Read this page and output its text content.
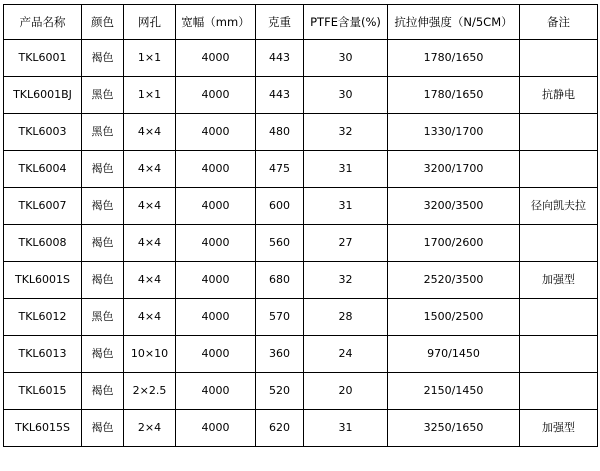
产品名称	颜色	网孔	宽幅（mm）	克重	PTFE含量(%)	抗拉伸强度（N/5CM）	备注
TKL6001	褐色	1×1	4000	443	30	1780/1650	
TKL6001BJ	黑色	1×1	4000	443	30	1780/1650	抗静电
TKL6003	黑色	4×4	4000	480	32	1330/1700	
TKL6004	褐色	4×4	4000	475	31	3200/1700	
TKL6007	褐色	4×4	4000	600	31	3200/3500	径向凯夫拉
TKL6008	褐色	4×4	4000	560	27	1700/2600	
TKL6001S	褐色	4×4	4000	680	32	2520/3500	加强型
TKL6012	黑色	4×4	4000	570	28	1500/2500	
TKL6013	褐色	10×10	4000	360	24	970/1450	
TKL6015	褐色	2×2.5	4000	520	20	2150/1450	
TKL6015S	褐色	2×4	4000	620	31	3250/1650	加强型
